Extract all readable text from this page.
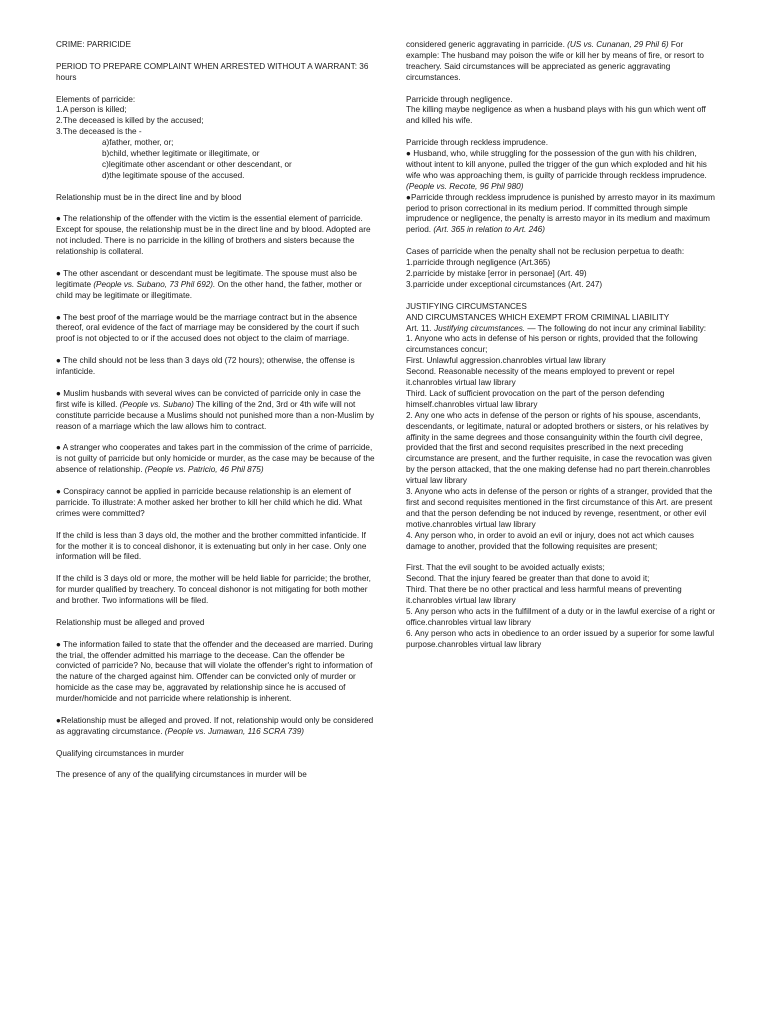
CRIME: PARRICIDE

PERIOD TO PREPARE COMPLAINT WHEN ARRESTED WITHOUT A WARRANT: 36 hours

Elements of parricide:

1.A person is killed;

2.The deceased is killed by the accused;

3.The deceased is the -

a)father, mother, or;

b)child, whether legitimate or illegitimate, or

c)legitimate other ascendant or other descendant, or

d)the legitimate spouse of the accused.

Relationship must be in the direct line and by blood

● The relationship of the offender with the victim is the essential element of parricide. Except for spouse, the relationship must be in the direct line and by blood. Adopted are not included. There is no parricide in the killing of brothers and sisters because the relationship is collateral.

● The other ascendant or descendant must be legitimate. The spouse must also be legitimate (People vs. Subano, 73 Phil 692). On the other hand, the father, mother or child may be legitimate or illegitimate.

● The best proof of the marriage would be the marriage contract but in the absence thereof, oral evidence of the fact of marriage may be considered by the court if such proof is not objected to or if the accused does not object to the claim of marriage.

● The child should not be less than 3 days old (72 hours); otherwise, the offense is infanticide.

● Muslim husbands with several wives can be convicted of parricide only in case the first wife is killed. (People vs. Subano) The killing of the 2nd, 3rd or 4th wife will not constitute parricide because a Muslims should not punished more than a non-Muslim by reason of a marriage which the law allows him to contract.

● A stranger who cooperates and takes part in the commission of the crime of parricide, is not guilty of parricide but only homicide or murder, as the case may be because of the absence of relationship. (People vs. Patricio, 46 Phil 875)

● Conspiracy cannot be applied in parricide because relationship is an element of parricide. To illustrate: A mother asked her brother to kill her child which he did. What crimes were committed?

If the child is less than 3 days old, the mother and the brother committed infanticide. If for the mother it is to conceal dishonor, it is extenuating but only in her case. Only one information will be filed.

If the child is 3 days old or more, the mother will be held liable for parricide; the brother, for murder qualified by treachery. To conceal dishonor is not mitigating for both mother and brother. Two informations will be filed.

Relationship must be alleged and proved

● The information failed to state that the offender and the deceased are married. During the trial, the offender admitted his marriage to the decease. Can the offender be convicted of parricide? No, because that will violate the offender's right to information of the nature of the charged against him. Offender can be convicted only of murder or homicide as the case may be, aggravated by relationship since he is accused of murder/homicide and not parricide where relationship is inherent.

●Relationship must be alleged and proved. If not, relationship would only be considered as aggravating circumstance. (People vs. Jumawan, 116 SCRA 739)

Qualifying circumstances in murder

The presence of any of the qualifying circumstances in murder will be

considered generic aggravating in parricide. (US vs. Cunanan, 29 Phil 6) For example: The husband may poison the wife or kill her by means of fire, or resort to treachery. Said circumstances will be appreciated as generic aggravating circumstances.

Parricide through negligence.

The killing maybe negligence as when a husband plays with his gun which went off and killed his wife.

Parricide through reckless imprudence.

● Husband, who, while struggling for the possession of the gun with his children, without intent to kill anyone, pulled the trigger of the gun which exploded and hit his wife who was approaching them, is guilty of parricide through reckless imprudence. (People vs. Recote, 96 Phil 980)

●Parricide through reckless imprudence is punished by arresto mayor in its maximum period to prison correctional in its medium period. If committed through simple imprudence or negligence, the penalty is arresto mayor in its medium and maximum period. (Art. 365 in relation to Art. 246)

Cases of parricide when the penalty shall not be reclusion perpetua to death:

1.parricide through negligence (Art.365)

2.parricide by mistake [error in personae] (Art. 49)

3.parricide under exceptional circumstances (Art. 247)

JUSTIFYING CIRCUMSTANCES

AND CIRCUMSTANCES WHICH EXEMPT FROM CRIMINAL LIABILITY

Art. 11. Justifying circumstances. — The following do not incur any criminal liability:

1. Anyone who acts in defense of his person or rights, provided that the following circumstances concur;

First. Unlawful aggression.chanrobles virtual law library

Second. Reasonable necessity of the means employed to prevent or repel it.chanrobles virtual law library

Third. Lack of sufficient provocation on the part of the person defending himself.chanrobles virtual law library

2. Any one who acts in defense of the person or rights of his spouse, ascendants, descendants, or legitimate, natural or adopted brothers or sisters, or his relatives by affinity in the same degrees and those consanguinity within the fourth civil degree, provided that the first and second requisites prescribed in the next preceding circumstance are present, and the further requisite, in case the revocation was given by the person attacked, that the one making defense had no part therein.chanrobles virtual law library

3. Anyone who acts in defense of the person or rights of a stranger, provided that the first and second requisites mentioned in the first circumstance of this Art. are present and that the person defending be not induced by revenge, resentment, or other evil motive.chanrobles virtual law library

4. Any person who, in order to avoid an evil or injury, does not act which causes damage to another, provided that the following requisites are present;

First. That the evil sought to be avoided actually exists;

Second. That the injury feared be greater than that done to avoid it;

Third. That there be no other practical and less harmful means of preventing it.chanrobles virtual law library

5. Any person who acts in the fulfillment of a duty or in the lawful exercise of a right or office.chanrobles virtual law library

6. Any person who acts in obedience to an order issued by a superior for some lawful purpose.chanrobles virtual law library
